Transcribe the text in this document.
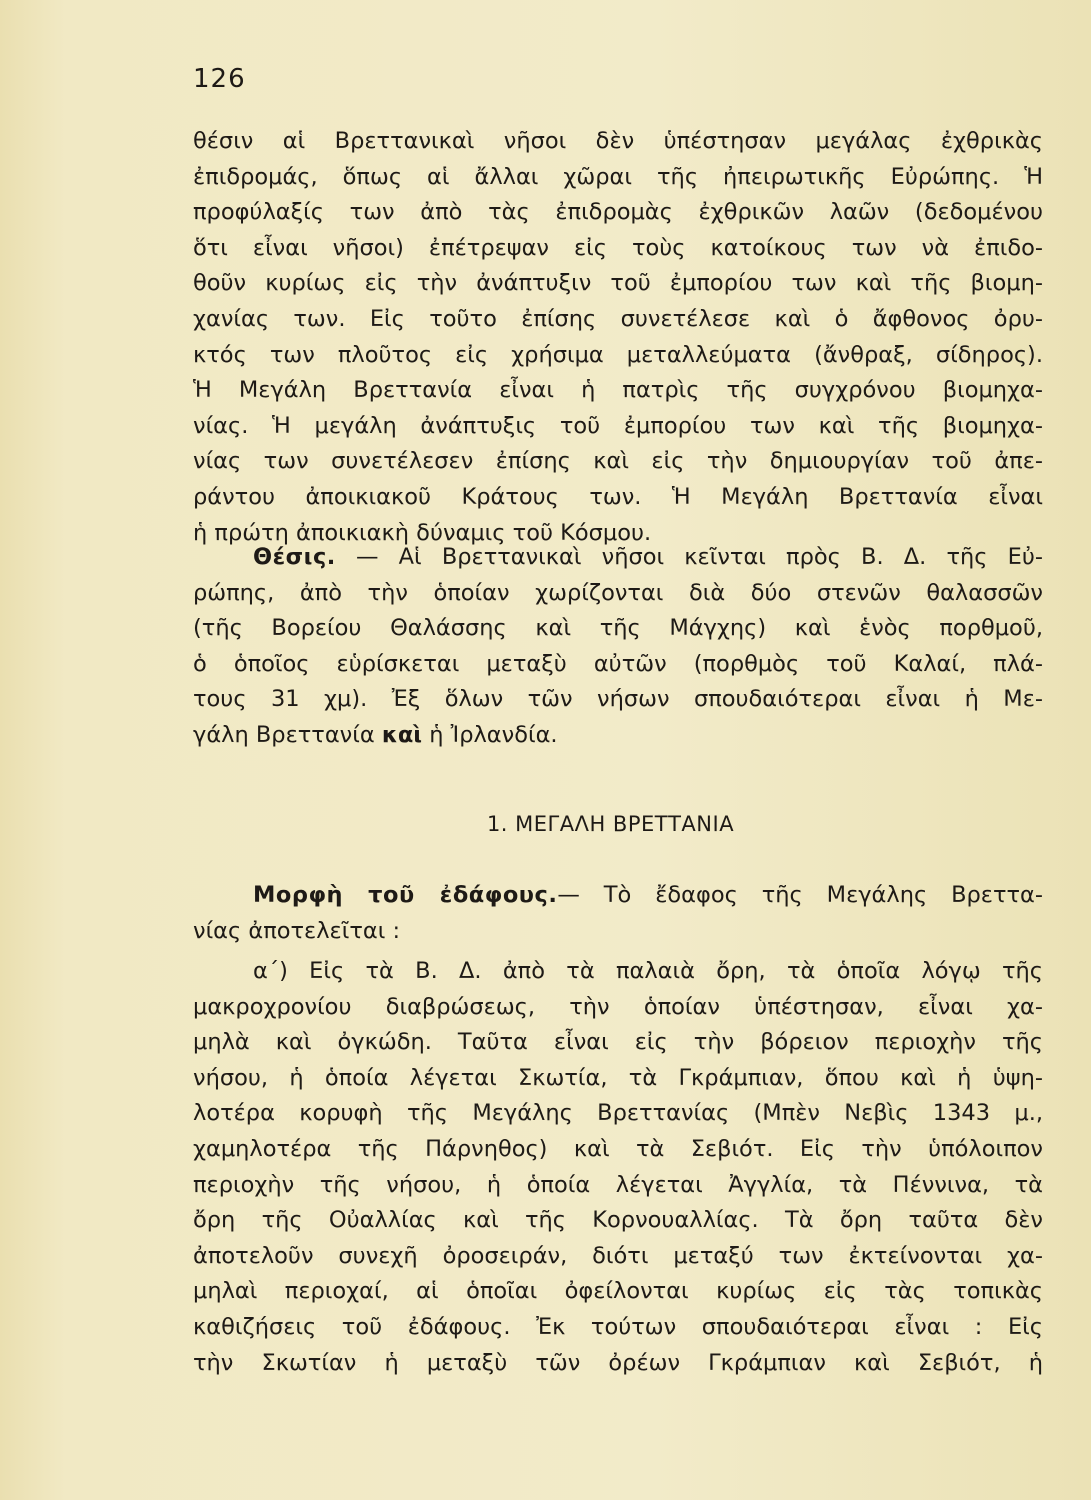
126
θέσιν αἱ Βρεττανικαὶ νῆσοι δὲν ὑπέστησαν μεγάλας ἐχθρικὰς
ἐπιδρομάς, ὅπως αἱ ἄλλαι χῶραι τῆς ἠπειρωτικῆς Εὐρώπης. Ἡ
προφύλαξίς των ἀπὸ τὰς ἐπιδρομὰς ἐχθρικῶν λαῶν (δεδομένου
ὅτι εἶναι νῆσοι) ἐπέτρεψαν εἰς τοὺς κατοίκους των νὰ ἐπιδο-
θοῦν κυρίως εἰς τὴν ἀνάπτυξιν τοῦ ἐμπορίου των καὶ τῆς βιομη-
χανίας των. Εἰς τοῦτο ἐπίσης συνετέλεσε καὶ ὁ ἄφθονος ὀρυ-
κτός των πλοῦτος εἰς χρήσιμα μεταλλεύματα (ἄνθραξ, σίδηρος).
Ἡ Μεγάλη Βρεττανία εἶναι ἡ πατρὶς τῆς συγχρόνου βιομηχα-
νίας. Ἡ μεγάλη ἀνάπτυξις τοῦ ἐμπορίου των καὶ τῆς βιομηχα-
νίας των συνετέλεσεν ἐπίσης καὶ εἰς τὴν δημιουργίαν τοῦ ἀπε-
ράντου ἀποικιακοῦ Κράτους των. Ἡ Μεγάλη Βρεττανία εἶναι
ἡ πρώτη ἀποικιακὴ δύναμις τοῦ Κόσμου.
Θέσις. — Αἱ Βρεττανικαὶ νῆσοι κεῖνται πρὸς Β. Δ. τῆς Εὐ-
ρώπης, ἀπὸ τὴν ὁποίαν χωρίζονται διὰ δύο στενῶν θαλασσῶν
(τῆς Βορείου Θαλάσσης καὶ τῆς Μάγχης) καὶ ἑνὸς πορθμοῦ,
ὁ ὁποῖος εὑρίσκεται μεταξὺ αὐτῶν (πορθμὸς τοῦ Καλαί, πλά-
τους 31 χμ). Ἐξ ὅλων τῶν νήσων σπουδαιότεραι εἶναι ἡ Με-
γάλη Βρεττανία καὶ ἡ Ἰρλανδία.
1. ΜΕΓΑΛΗ ΒΡΕΤΤΑΝΙΑ
Μορφὴ τοῦ ἐδάφους.— Τὸ ἔδαφος τῆς Μεγάλης Βρεττα-
νίας ἀποτελεῖται :
α΄) Εἰς τὰ Β. Δ. ἀπὸ τὰ παλαιὰ ὄρη, τὰ ὁποῖα λόγῳ τῆς
μακροχρονίου διαβρώσεως, τὴν ὁποίαν ὑπέστησαν, εἶναι χα-
μηλὰ καὶ ὀγκώδη. Ταῦτα εἶναι εἰς τὴν βόρειον περιοχὴν τῆς
νήσου, ἡ ὁποία λέγεται Σκωτία, τὰ Γκράμπιαν, ὅπου καὶ ἡ ὑψη-
λοτέρα κορυφὴ τῆς Μεγάλης Βρεττανίας (Μπὲν Νεβὶς 1343 μ.,
χαμηλοτέρα τῆς Πάρνηθος) καὶ τὰ Σεβιότ. Εἰς τὴν ὑπόλοιπον
περιοχὴν τῆς νήσου, ἡ ὁποία λέγεται Ἀγγλία, τὰ Πέννινα, τὰ
ὄρη τῆς Οὐαλλίας καὶ τῆς Κορνουαλλίας. Τὰ ὄρη ταῦτα δὲν
ἀποτελοῦν συνεχῆ ὀροσειράν, διότι μεταξύ των ἐκτείνονται χα-
μηλαὶ περιοχαί, αἱ ὁποῖαι ὀφείλονται κυρίως εἰς τὰς τοπικὰς
καθιζήσεις τοῦ ἐδάφους. Ἐκ τούτων σπουδαιότεραι εἶναι : Εἰς
τὴν Σκωτίαν ἡ μεταξὺ τῶν ὀρέων Γκράμπιαν καὶ Σεβιότ, ἡ
